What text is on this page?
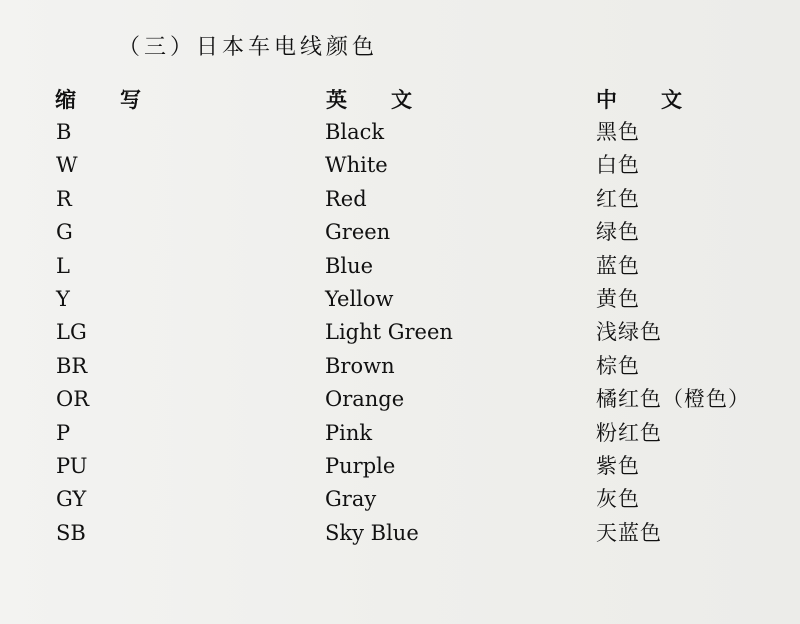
（三）日本车电线颜色
缩 写	英 文	中 文
B	Black	黑色
W	White	白色
R	Red	红色
G	Green	绿色
L	Blue	蓝色
Y	Yellow	黄色
LG	Light Green	浅绿色
BR	Brown	棕色
OR	Orange	橘红色（橙色）
P	Pink	粉红色
PU	Purple	紫色
GY	Gray	灰色
SB	Sky Blue	天蓝色
